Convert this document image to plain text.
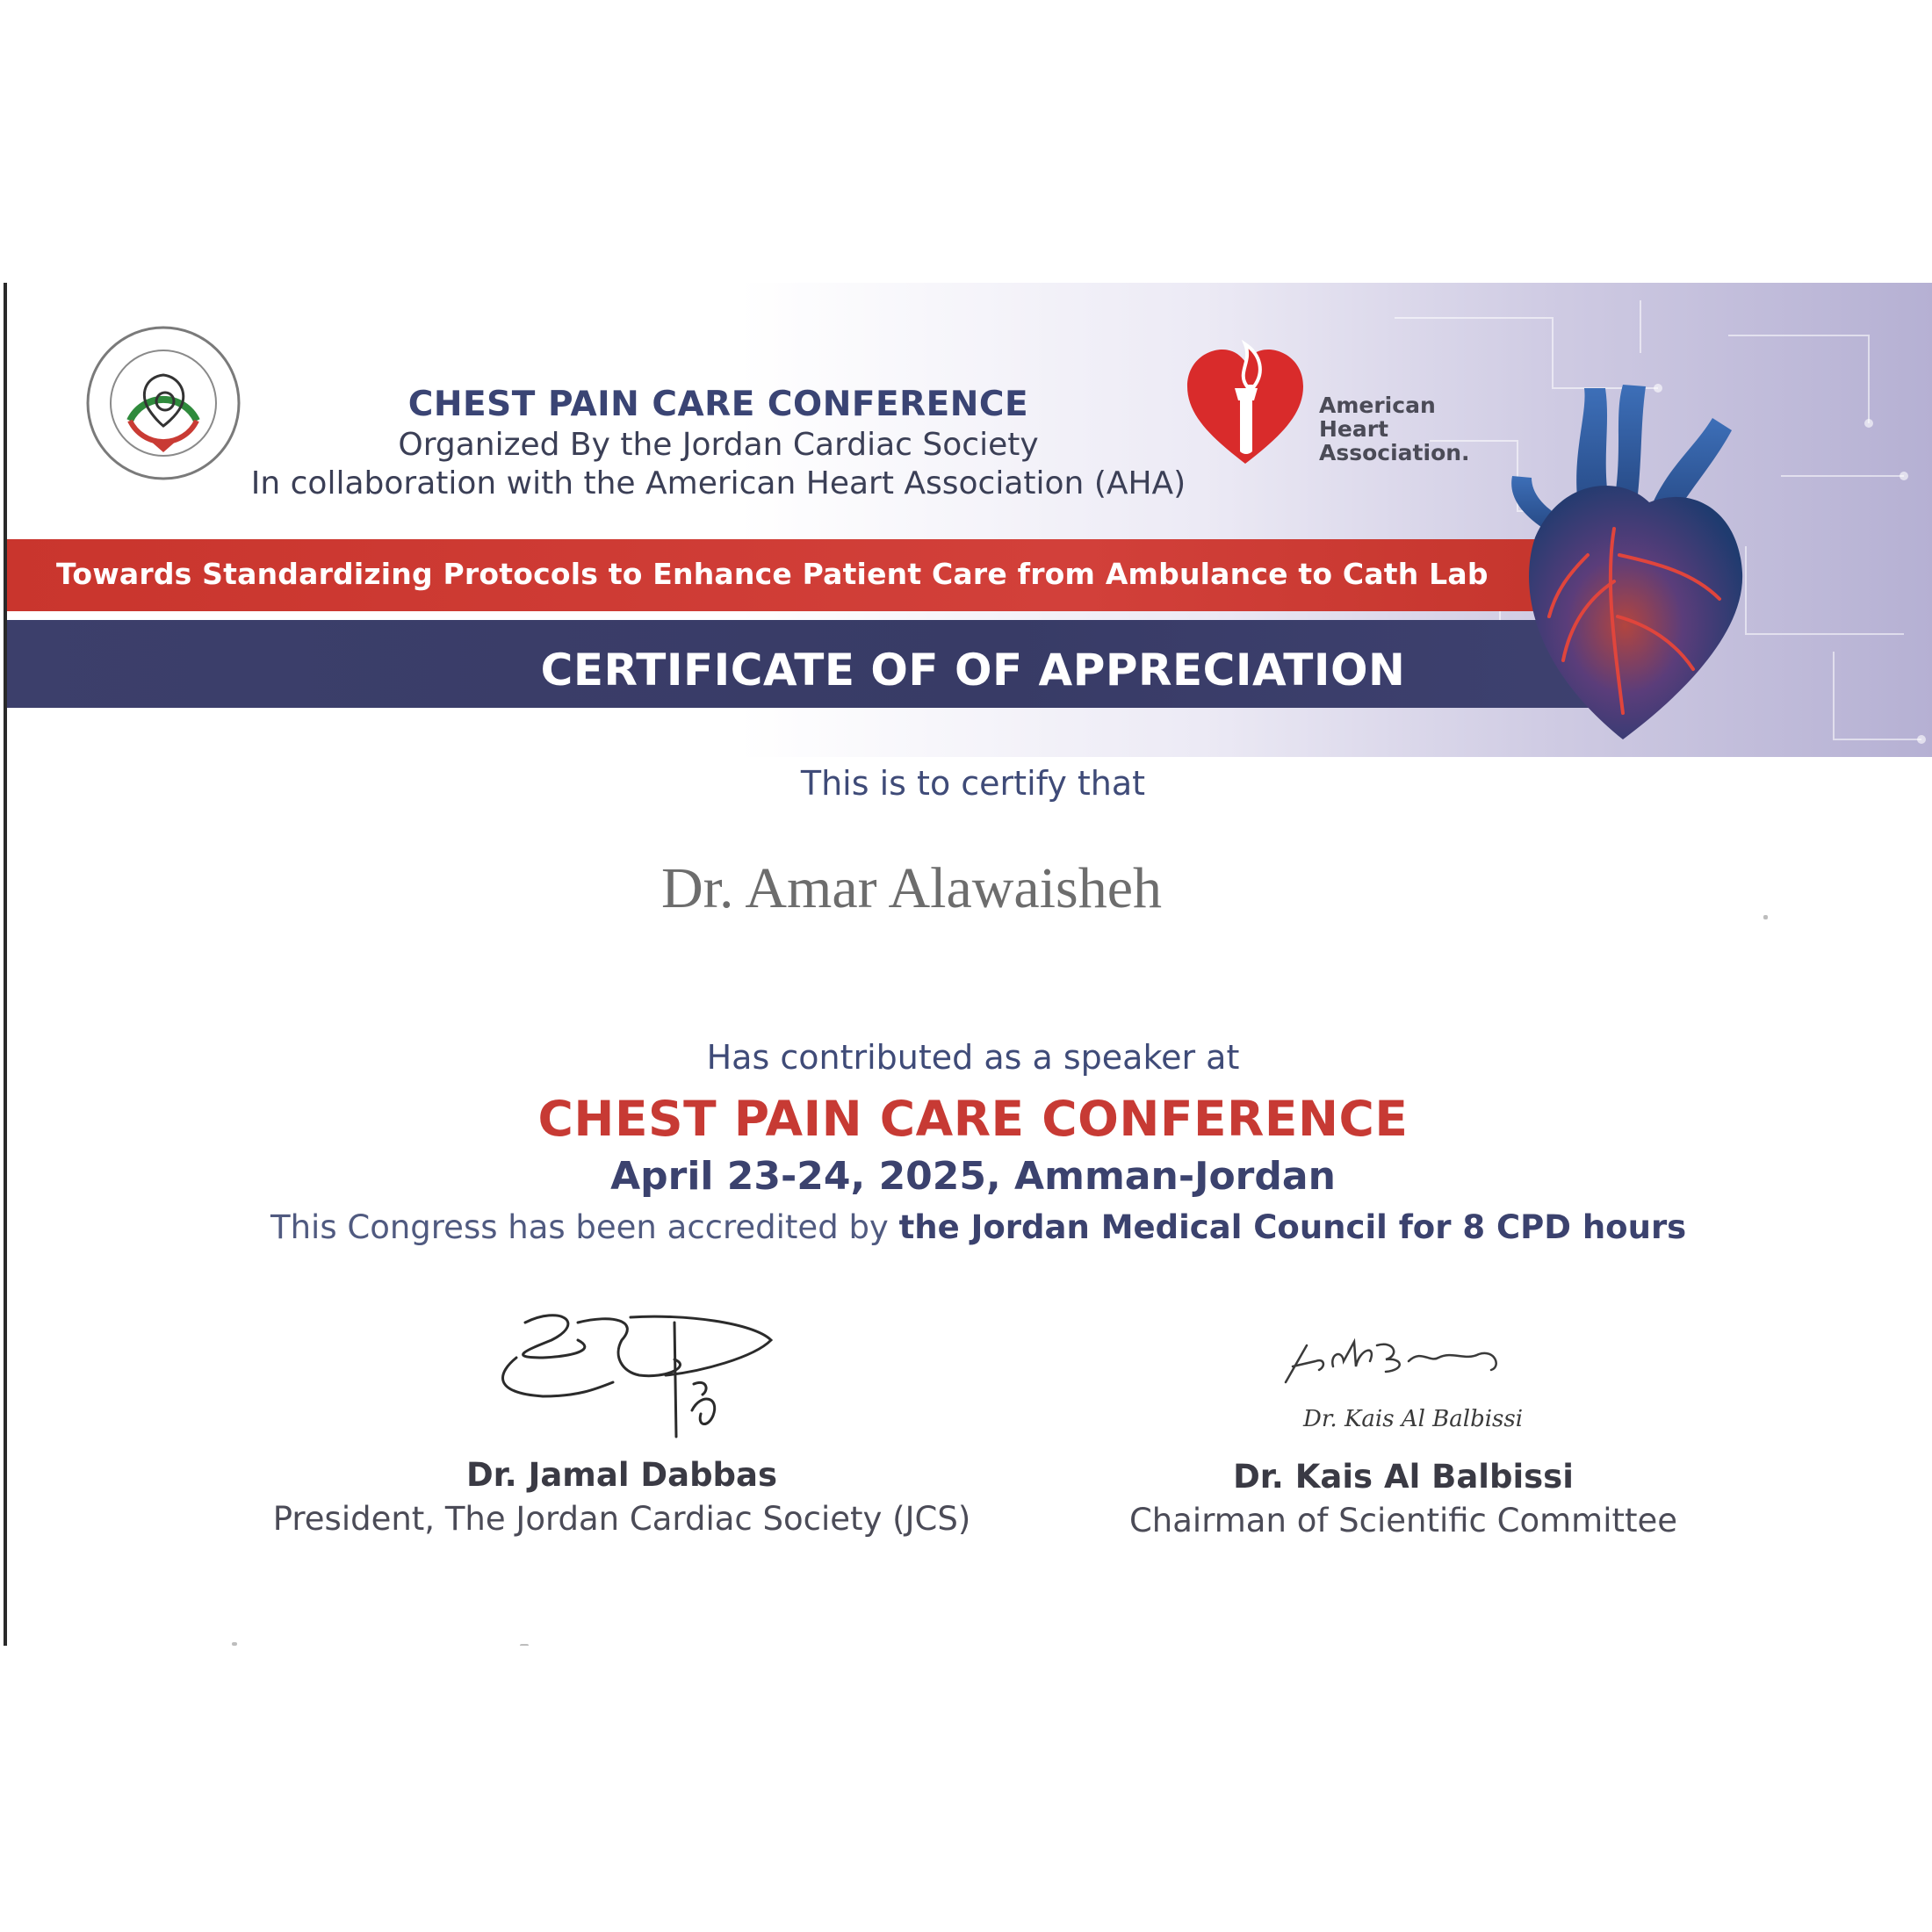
CHEST PAIN CARE CONFERENCE
Organized By the Jordan Cardiac Society
In collaboration with the American Heart Association (AHA)
American
Heart
Association.
Towards Standardizing Protocols to Enhance Patient Care from Ambulance to Cath Lab
CERTIFICATE OF OF APPRECIATION
This is to certify that
Dr. Amar Alawaisheh
Has contributed as a speaker at
CHEST PAIN CARE CONFERENCE
April 23-24, 2025, Amman-Jordan
This Congress has been accredited by the Jordan Medical Council for 8 CPD hours
Dr. Kais Al Balbissi
Dr. Jamal Dabbas
President, The Jordan Cardiac Society (JCS)
Dr. Kais Al Balbissi
Chairman of Scientific Committee
